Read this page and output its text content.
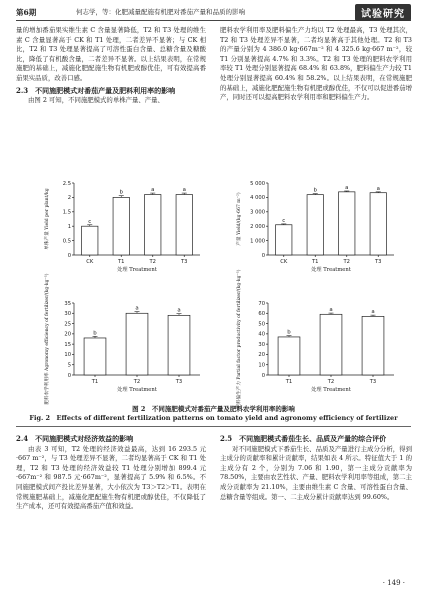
第6期	何志学，等：化肥减量配施有机肥对番茄产量和品质的影响	试验研究

量的增加番茄果实维生素 C 含量显著降低，T2 和 T3 处理的维生素 C 含量显著高于 CK 和 T1 处理，二者差异不显著；与 CK 相比，T2 和 T3 处理显著提高了可溶性蛋白含量、总糖含量及糖酸比，降低了有机酸含量，二者差异不显著。以上结果表明，在常规施肥的基础上，减施化肥配施生物有机肥或醇优佳，可有效提高番茄果实品质，改善口感。

2.3　不同施肥模式对番茄产量及肥料利用率的影响

由图 2 可知，不同施肥模式的单株产量、产量、

肥料农学利用率及肥料偏生产力均以 T2 处理最高，T3 处理其次，T2 和 T3 处理差异不显著，二者均显著高于其他处理。T2 和 T3 的产量分别为 4 386.0 kg·667m⁻² 和 4 325.6 kg·667 m⁻²，较 T1 分别显著提高 4.7% 和 3.3%。T2 和 T3 处理的肥料农学利用率较 T1 处理分别显著提高 68.4% 和 63.8%，肥料偏生产力较 T1 处理分别显著提高 60.4% 和 58.2%。以上结果表明，在常规施肥的基础上，减施化肥配施生物有机肥或醇优佳，不仅可以促进番茄增产，同时还可以提高肥料农学利用率和肥料偏生产力。

0
0.5
1
1.5
2
2.5
c
CK
b
T1
a
T2
a
T3
处理 Treatment
单株产量 Yield per plant/kg
0
1 000
2 000
3 000
4 000
5 000
c
CK
b
T1
a
T2
a
T3
处理 Treatment
产量 Yield/(kg·667 m⁻²)
0
5
10
15
20
25
30
35
b
T1
a
T2
a
T3
处理 Treatment
肥料农学利用率 Agronomy efficiency of fertilizer/(kg·kg⁻¹)	0
10
20
30
40
50
60
70
b
T1
a
T2
a
T3
处理 Treatment
肥料偏生产力 Partial factor productivity of fertilizer/(kg·kg⁻¹)
图 2　不同施肥模式对番茄产量及肥料农学利用率的影响
Fig. 2　Effects of different fertilization patterns on tomato yield and agronomy efficiency of fertilizer
2.4　不同施肥模式对经济效益的影响

由表 3 可知，T2 处理的经济效益最高，达到 16 293.5 元·667 m⁻²，与 T3 处理差异不显著，二者均显著高于 CK 和 T1 处理，T2 和 T3 处理的经济效益较 T1 处理分别增加 899.4 元·667m⁻² 和 987.5 元·667m⁻²，显著提高了 5.9% 和 6.5%。不同施肥模式间产投比差异显著，大小依次为 T3＞T2＞T1。表明在常规施肥基础上，减施化肥配施生物有机肥或醇优佳，不仅降低了生产成本，还可有效提高番茄产值和效益。

2.5　不同施肥模式番茄生长、品质及产量的综合评价

对不同施肥模式下番茄生长、品质及产量进行主成分分析，得到主成分的贡献率和累计贡献率，结果如表 4 所示。特征值大于 1 的主成分有 2 个，分别为 7.06 和 1.90，第一主成分贡献率为 78.50%，主要由农艺性状、产量、肥料农学利用率等组成，第二主成分贡献率为 21.10%，主要由维生素 C 含量、可溶性蛋白含量、总糖含量等组成。第一、二主成分累计贡献率达到 99.60%。

· 149 ·
